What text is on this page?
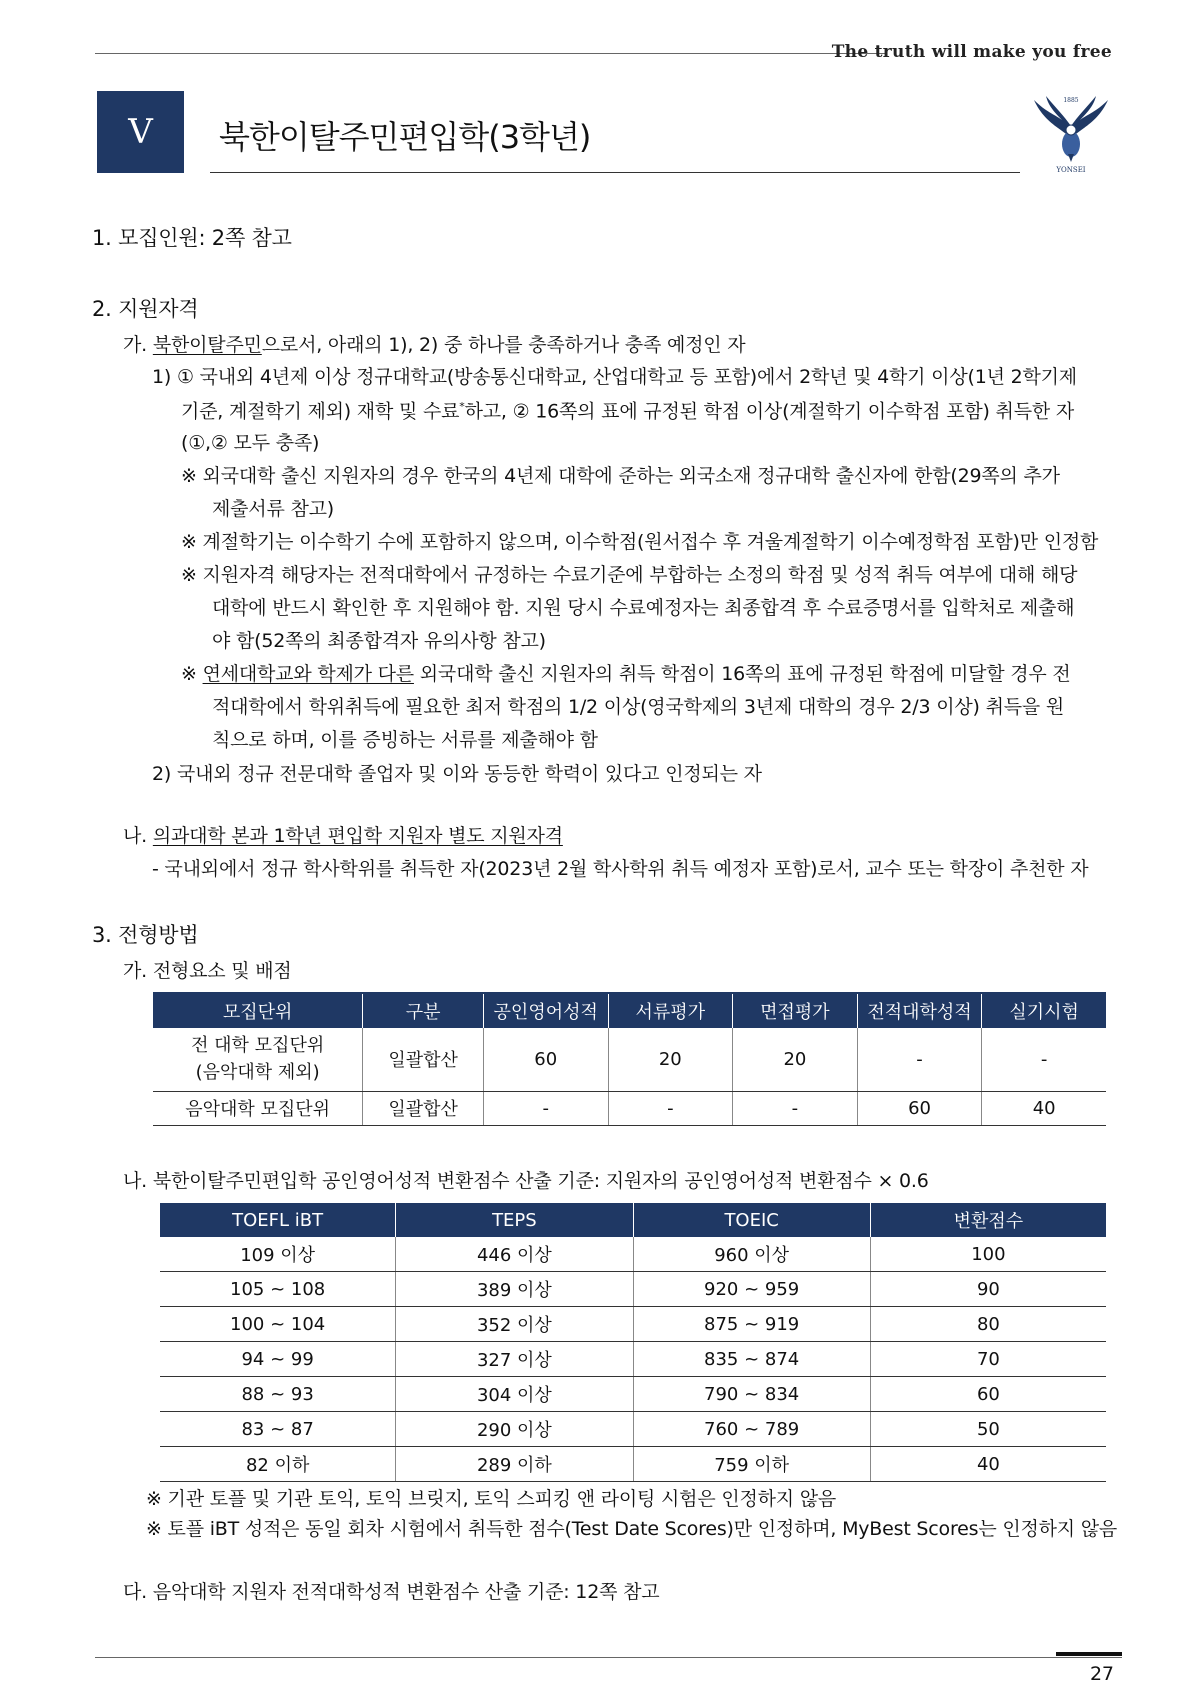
The truth will make you free
V 북한이탈주민편입학(3학년)
1885
YONSEI
1. 모집인원: 2쪽 참고
2. 지원자격
가. 북한이탈주민으로서, 아래의 1), 2) 중 하나를 충족하거나 충족 예정인 자
1) ① 국내외 4년제 이상 정규대학교(방송통신대학교, 산업대학교 등 포함)에서 2학년 및 4학기 이상(1년 2학기제
기준, 계절학기 제외) 재학 및 수료*하고, ② 16쪽의 표에 규정된 학점 이상(계절학기 이수학점 포함) 취득한 자
(①,② 모두 충족)
※ 외국대학 출신 지원자의 경우 한국의 4년제 대학에 준하는 외국소재 정규대학 출신자에 한함(29쪽의 추가
제출서류 참고)
※ 계절학기는 이수학기 수에 포함하지 않으며, 이수학점(원서접수 후 겨울계절학기 이수예정학점 포함)만 인정함
※ 지원자격 해당자는 전적대학에서 규정하는 수료기준에 부합하는 소정의 학점 및 성적 취득 여부에 대해 해당
대학에 반드시 확인한 후 지원해야 함. 지원 당시 수료예정자는 최종합격 후 수료증명서를 입학처로 제출해
야 함(52쪽의 최종합격자 유의사항 참고)
※ 연세대학교와 학제가 다른 외국대학 출신 지원자의 취득 학점이 16쪽의 표에 규정된 학점에 미달할 경우 전
적대학에서 학위취득에 필요한 최저 학점의 1/2 이상(영국학제의 3년제 대학의 경우 2/3 이상) 취득을 원
칙으로 하며, 이를 증빙하는 서류를 제출해야 함
2) 국내외 정규 전문대학 졸업자 및 이와 동등한 학력이 있다고 인정되는 자
나. 의과대학 본과 1학년 편입학 지원자 별도 지원자격
- 국내외에서 정규 학사학위를 취득한 자(2023년 2월 학사학위 취득 예정자 포함)로서, 교수 또는 학장이 추천한 자
3. 전형방법
가. 전형요소 및 배점
모집단위	구분	공인영어성적	서류평가	면접평가	전적대학성적	실기시험

전 대학 모집단위
(음악대학 제외)	일괄합산	60	20	20	-	-
음악대학 모집단위	일괄합산	-	-	-	60	40
나. 북한이탈주민편입학 공인영어성적 변환점수 산출 기준: 지원자의 공인영어성적 변환점수 × 0.6
TOEFL iBT	TEPS	TOEIC	변환점수
109 이상	446 이상	960 이상	100
105 ~ 108	389 이상	920 ~ 959	90
100 ~ 104	352 이상	875 ~ 919	80
94 ~ 99	327 이상	835 ~ 874	70
88 ~ 93	304 이상	790 ~ 834	60
83 ~ 87	290 이상	760 ~ 789	50
82 이하	289 이하	759 이하	40
※ 기관 토플 및 기관 토익, 토익 브릿지, 토익 스피킹 앤 라이팅 시험은 인정하지 않음
※ 토플 iBT 성적은 동일 회차 시험에서 취득한 점수(Test Date Scores)만 인정하며, MyBest Scores는 인정하지 않음
다. 음악대학 지원자 전적대학성적 변환점수 산출 기준: 12쪽 참고
27
